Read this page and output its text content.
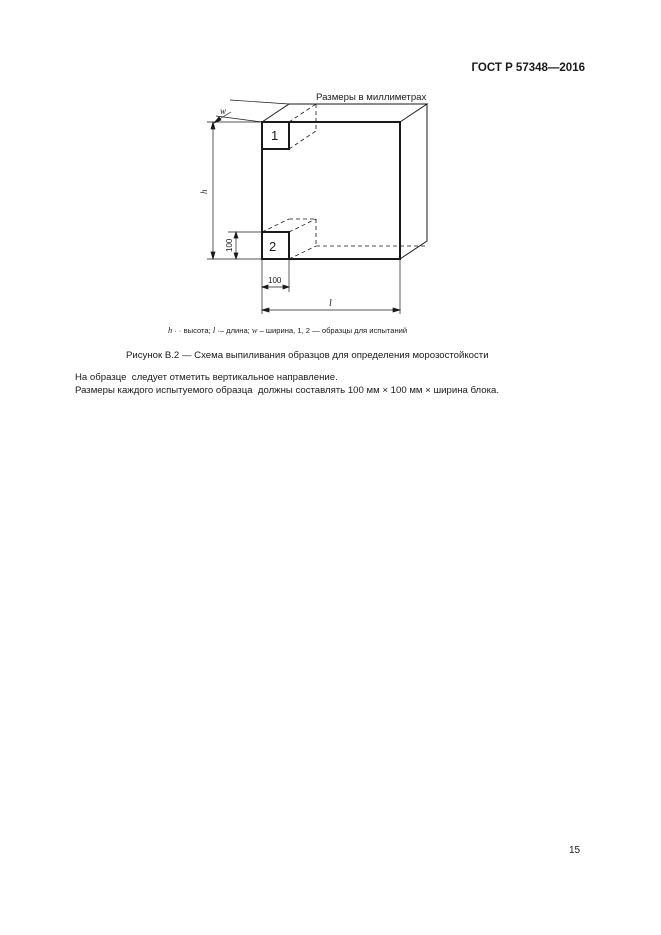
ГОСТ Р 57348—2016
Размеры в миллиметрах
w
h
l
100
100
1
2
h · · высота; l ·– длина; w – ширина, 1, 2 — образцы для испытаний
Рисунок В.2 — Схема выпиливания образцов для определения морозостойкости
На образце  следует отметить вертикальное направление.
Размеры каждого испытуемого образца  должны составлять 100 мм × 100 мм × ширина блока.
15
